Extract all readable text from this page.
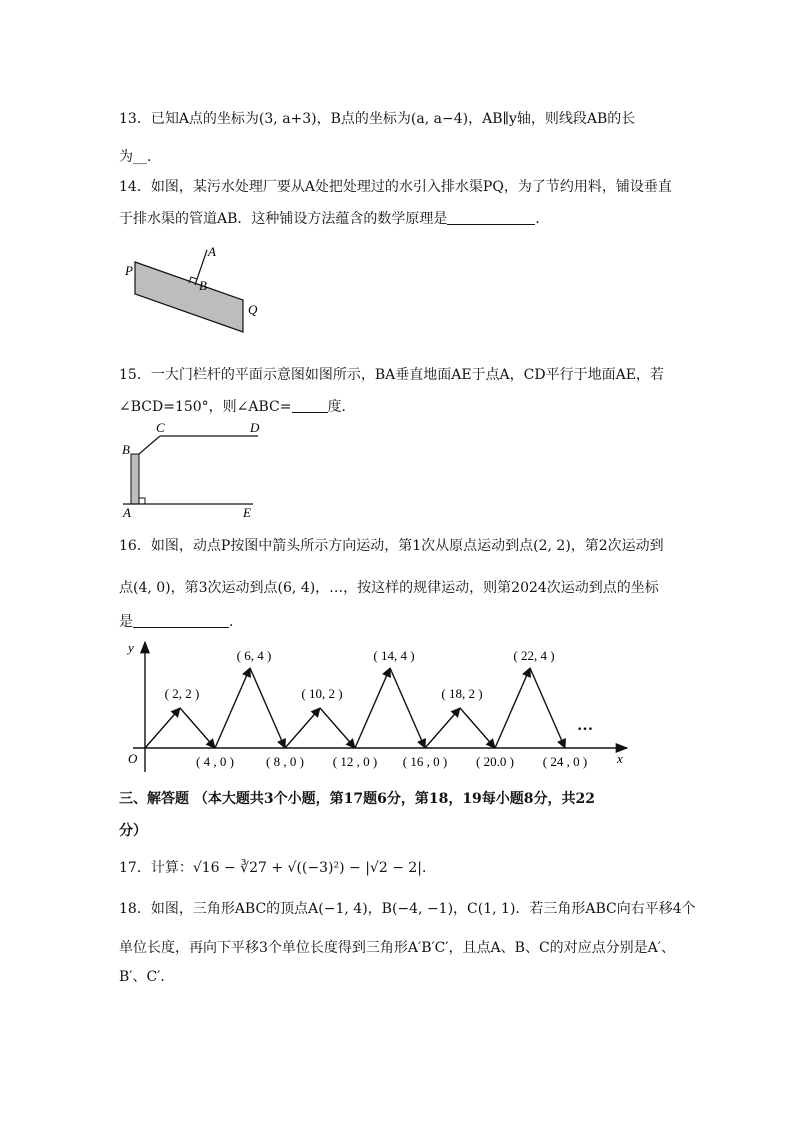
13．已知A点的坐标为(3, a+3)，B点的坐标为(a, a−4)，AB∥y轴，则线段AB的长
为__．
14．如图，某污水处理厂要从A处把处理过的水引入排水渠PQ，为了节约用料，铺设垂直
于排水渠的管道AB．这种铺设方法蕴含的数学原理是	．
P
A
B
Q
15．一大门栏杆的平面示意图如图所示，BA垂直地面AE于点A，CD平行于地面AE，若
∠BCD=150°，则∠ABC=	度．
B
C	D
A	E
16．如图，动点P按图中箭头所示方向运动，第1次从原点运动到点(2, 2)，第2次运动到
点(4, 0)，第3次运动到点(6, 4)，…，按这样的规律运动，则第2024次运动到点的坐标
是	．
y
x
O
( 2, 2 )
( 4 , 0 )
( 6, 4 )
( 8 , 0 )
( 10, 2 )
( 12 , 0 )
( 14, 4 )
( 16 , 0 )
( 18, 2 )
( 20.0 )
( 22, 4 )
( 24 , 0 )
…
三、解答题 （本大题共3个小题，第17题6分，第18，19每小题8分，共22
分）
17．计算：√16 − ∛27 + √((−3)²) − |√2 − 2|．
18．如图，三角形ABC的顶点A(−1, 4)，B(−4, −1)，C(1, 1)．若三角形ABC向右平移4个
单位长度，再向下平移3个单位长度得到三角形A′B′C′，且点A、B、C的对应点分别是A′、
B′、C′．
